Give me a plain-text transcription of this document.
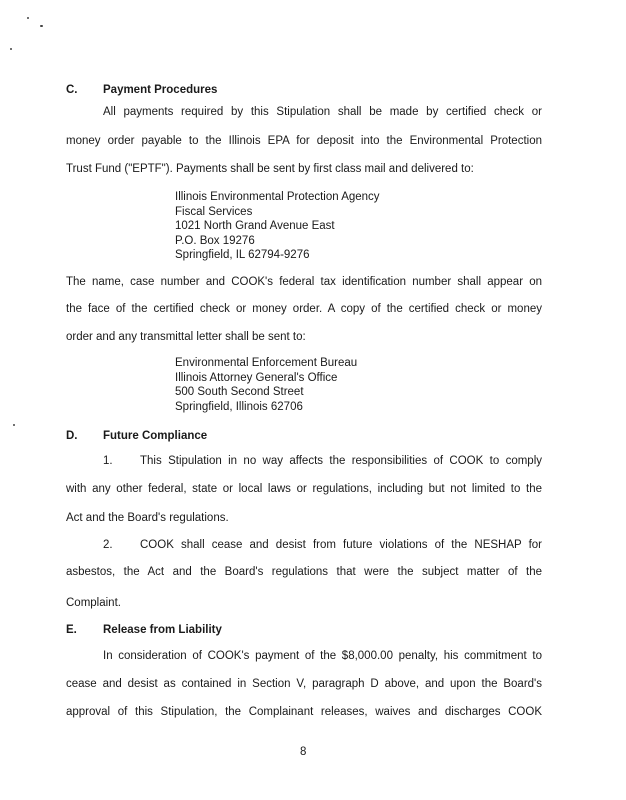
C. Payment Procedures
All payments required by this Stipulation shall be made by certified check or
money order payable to the Illinois EPA for deposit into the Environmental Protection
Trust Fund ("EPTF"). Payments shall be sent by first class mail and delivered to:
Illinois Environmental Protection Agency
Fiscal Services
1021 North Grand Avenue East
P.O. Box 19276
Springfield, IL 62794-9276
The name, case number and COOK's federal tax identification number shall appear on
the face of the certified check or money order. A copy of the certified check or money
order and any transmittal letter shall be sent to:
Environmental Enforcement Bureau
Illinois Attorney General's Office
500 South Second Street
Springfield, Illinois 62706
D. Future Compliance
1. This Stipulation in no way affects the responsibilities of COOK to comply
with any other federal, state or local laws or regulations, including but not limited to the
Act and the Board's regulations.
2. COOK shall cease and desist from future violations of the NESHAP for
asbestos, the Act and the Board's regulations that were the subject matter of the
Complaint.
E. Release from Liability
In consideration of COOK's payment of the $8,000.00 penalty, his commitment to
cease and desist as contained in Section V, paragraph D above, and upon the Board's
approval of this Stipulation, the Complainant releases, waives and discharges COOK
8
